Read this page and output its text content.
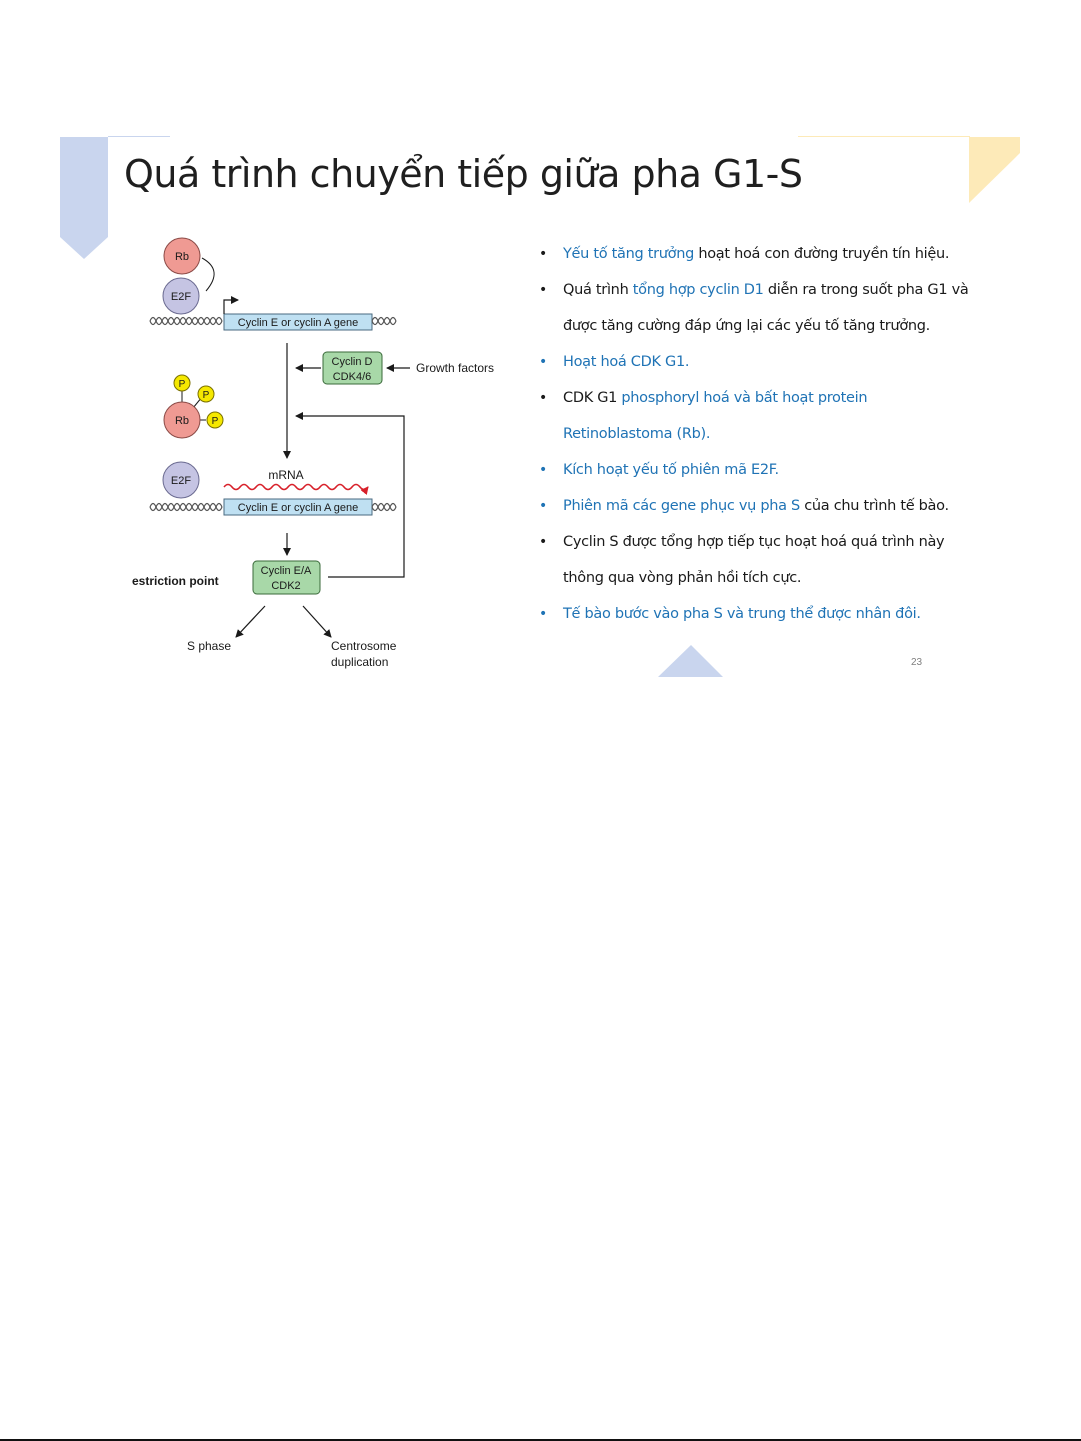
Quá trình chuyển tiếp giữa pha G1-S
Rb
E2F
Cyclin E or cyclin A gene
Cyclin D
CDK4/6
Growth factors
Rb
P
P
P
E2F	mRNA
Cyclin E or cyclin A gene
Cyclin E/A
CDK2
estriction point
S phase	Centrosome
duplication
• Yếu tố tăng trưởng hoạt hoá con đường truyền tín hiệu.
• Quá trình tổng hợp cyclin D1 diễn ra trong suốt pha G1 và được tăng cường đáp ứng lại các yếu tố tăng trưởng.
• Hoạt hoá CDK G1.
• CDK G1 phosphoryl hoá và bất hoạt protein Retinoblastoma (Rb).
• Kích hoạt yếu tố phiên mã E2F.
• Phiên mã các gene phục vụ pha S của chu trình tế bào.
• Cyclin S được tổng hợp tiếp tục hoạt hoá quá trình này thông qua vòng phản hồi tích cực.
• Tế bào bước vào pha S và trung thể được nhân đôi.
23
